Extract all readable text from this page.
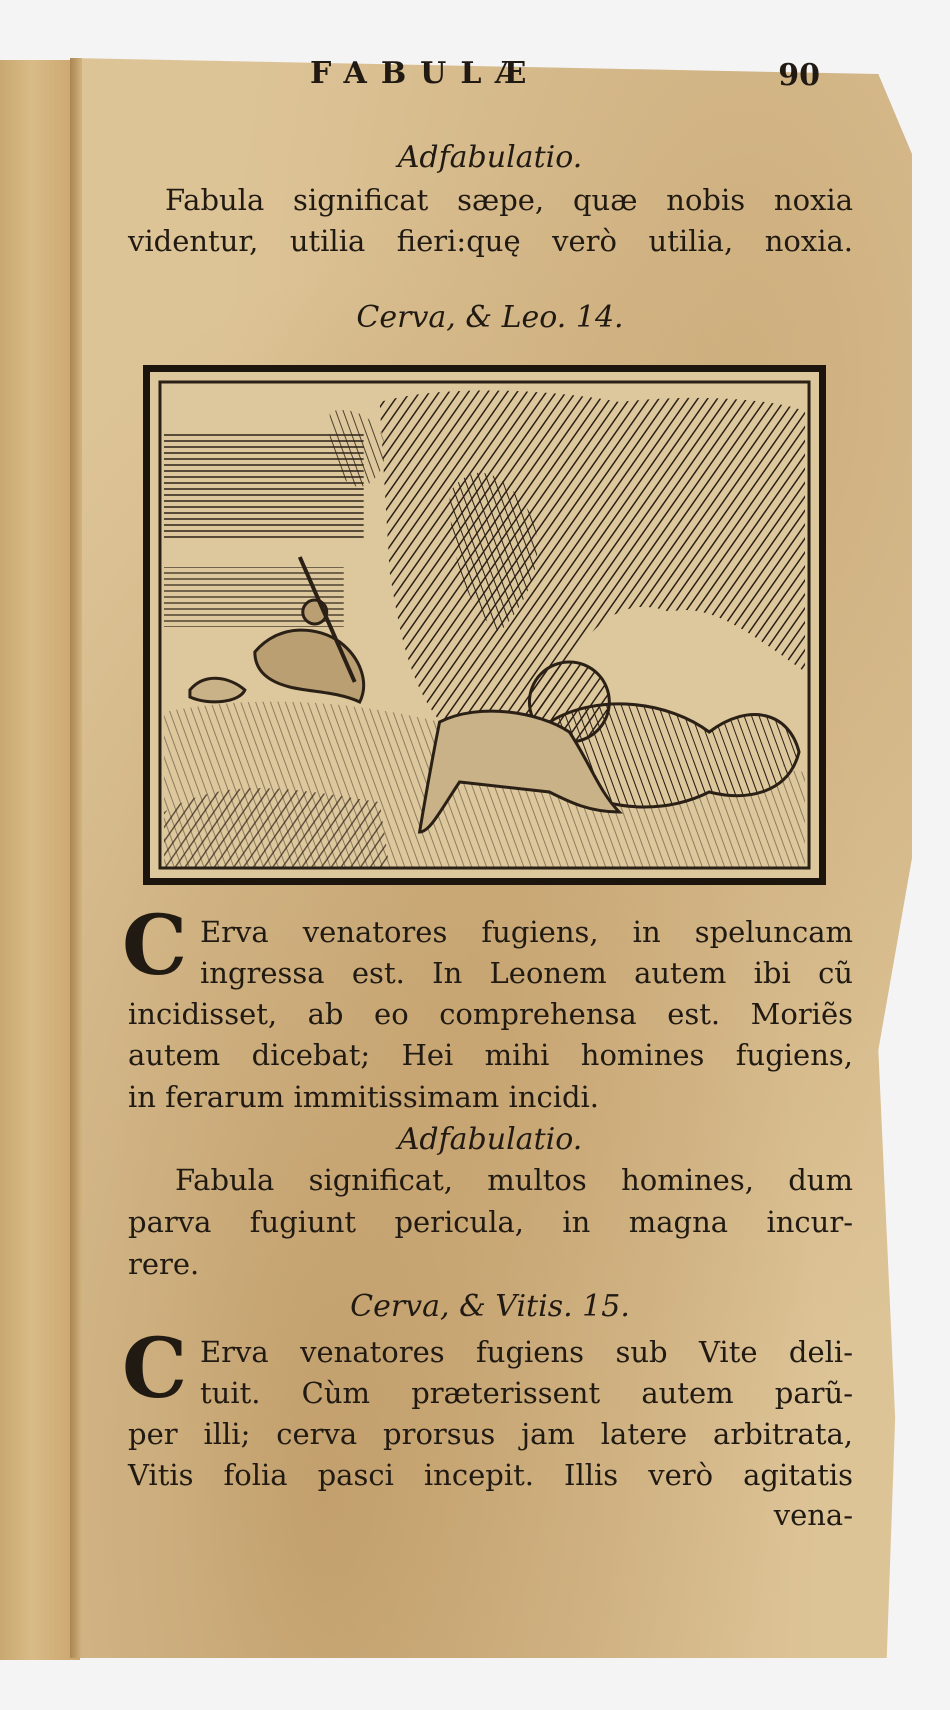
FABULÆ	90
Adfabulatio.
Fabula significat sæpe, quæ nobis noxia
videntur, utilia fieri:quę verò utilia, noxia.
Cerva, & Leo. 14.
C Erva venatores fugiens, in speluncam
ingressa est. In Leonem autem ibi cũ
incidisset, ab eo comprehensa est. Moriẽs
autem dicebat; Hei mihi homines fugiens,
in ferarum immitissimam incidi.
Adfabulatio.
Fabula significat, multos homines, dum
parva fugiunt pericula, in magna incur-
rere.
Cerva, & Vitis. 15.
C Erva venatores fugiens sub Vite deli-
tuit. Cùm præterissent autem parũ-
per illi; cerva prorsus jam latere arbitrata,
Vitis folia pasci incepit. Illis verò agitatis
vena-
